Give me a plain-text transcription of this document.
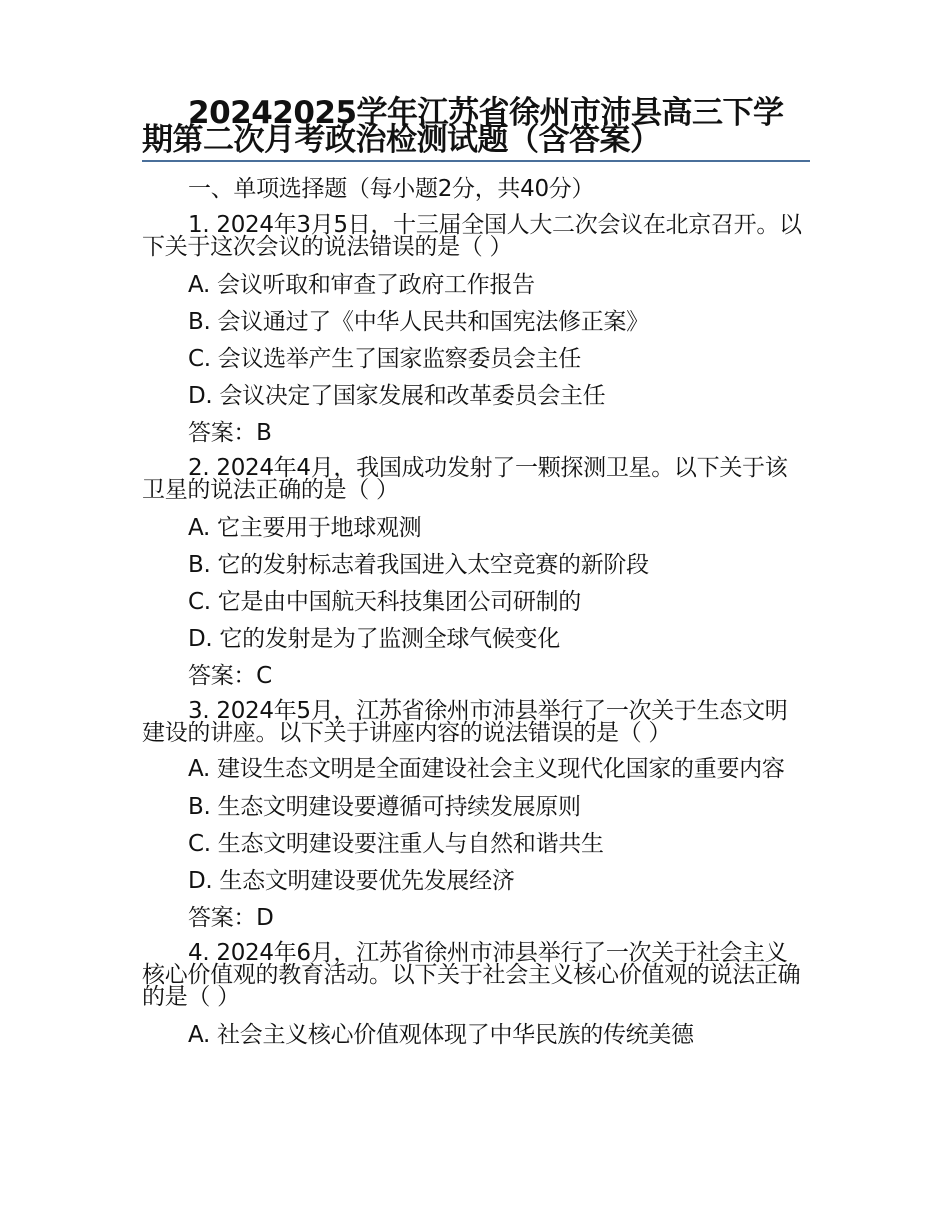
20242025学年江苏省徐州市沛县高三下学期第二次月考政治检测试题（含答案）

一、单项选择题（每小题2分，共40分）

1. 2024年3月5日，十三届全国人大二次会议在北京召开。以下关于这次会议的说法错误的是（ ）

A. 会议听取和审查了政府工作报告

B. 会议通过了《中华人民共和国宪法修正案》

C. 会议选举产生了国家监察委员会主任

D. 会议决定了国家发展和改革委员会主任

答案：B

2. 2024年4月，我国成功发射了一颗探测卫星。以下关于该卫星的说法正确的是（ ）

A. 它主要用于地球观测

B. 它的发射标志着我国进入太空竞赛的新阶段

C. 它是由中国航天科技集团公司研制的

D. 它的发射是为了监测全球气候变化

答案：C

3. 2024年5月，江苏省徐州市沛县举行了一次关于生态文明建设的讲座。以下关于讲座内容的说法错误的是（ ）

A. 建设生态文明是全面建设社会主义现代化国家的重要内容

B. 生态文明建设要遵循可持续发展原则

C. 生态文明建设要注重人与自然和谐共生

D. 生态文明建设要优先发展经济

答案：D

4. 2024年6月，江苏省徐州市沛县举行了一次关于社会主义核心价值观的教育活动。以下关于社会主义核心价值观的说法正确的是（ ）

A. 社会主义核心价值观体现了中华民族的传统美德
